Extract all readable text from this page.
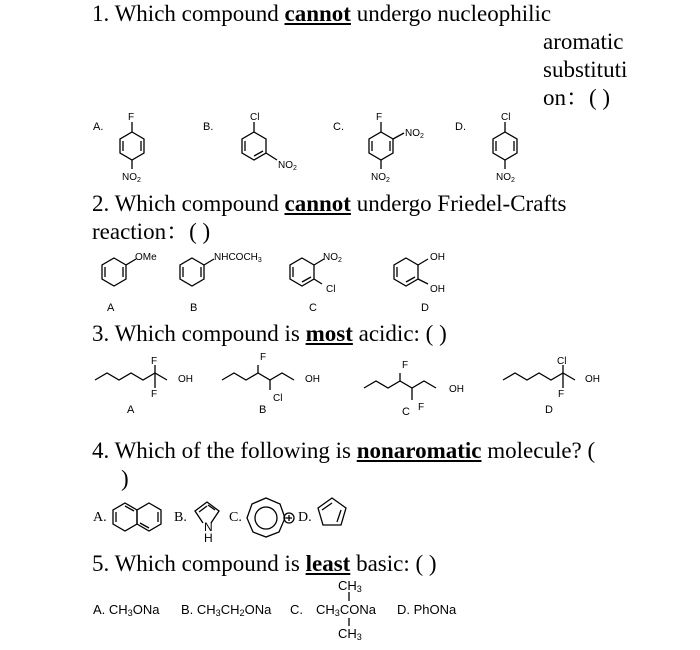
1. Which compound cannot undergo nucleophilic
aromatic
substituti
on：( )
A.
F
$NO_2$
B.
Cl
$NO_2$
C.
F
$NO_2$
$NO_2$
D.
Cl
$NO_2$
2. Which compound cannot undergo Friedel-Crafts
reaction：( )
OMe
A
$NHCOCH_3$
B
$NO_2$
Cl
C
OH
OH
D
3. Which compound is most acidic: ( )
F
F
OH
A
F
Cl
OH
B
F
F
OH
C
Cl
F
OH
D
4. Which of the following is nonaromatic molecule? (
)
A.	B.
N
H
C.	D.
5. Which compound is least basic: ( )
A. $CH_3ONa$ B. $CH_3CH_2ONa$ C.
$CH_3$
$CH_3CONa$
$CH_3$
D. PhONa
